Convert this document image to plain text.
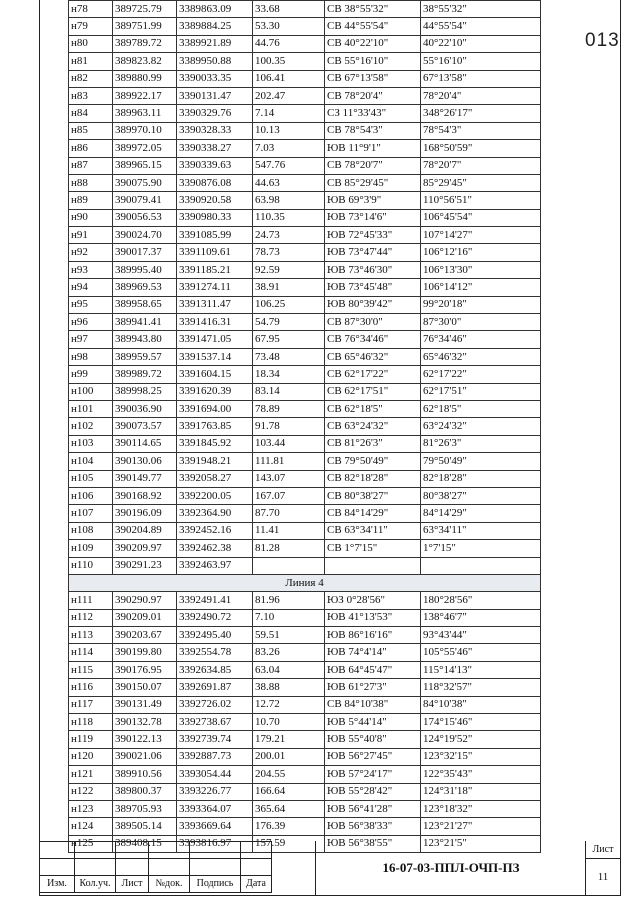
013
н78	389725.79	3389863.09	33.68	СВ 38°55'32"	38°55'32"
н79	389751.99	3389884.25	53.30	СВ 44°55'54"	44°55'54"
н80	389789.72	3389921.89	44.76	СВ 40°22'10"	40°22'10"
н81	389823.82	3389950.88	100.35	СВ 55°16'10"	55°16'10"
н82	389880.99	3390033.35	106.41	СВ 67°13'58"	67°13'58"
н83	389922.17	3390131.47	202.47	СВ 78°20'4"	78°20'4"
н84	389963.11	3390329.76	7.14	СЗ 11°33'43"	348°26'17"
н85	389970.10	3390328.33	10.13	СВ 78°54'3"	78°54'3"
н86	389972.05	3390338.27	7.03	ЮВ 11°9'1"	168°50'59"
н87	389965.15	3390339.63	547.76	СВ 78°20'7"	78°20'7"
н88	390075.90	3390876.08	44.63	СВ 85°29'45"	85°29'45"
н89	390079.41	3390920.58	63.98	ЮВ 69°3'9"	110°56'51"
н90	390056.53	3390980.33	110.35	ЮВ 73°14'6"	106°45'54"
н91	390024.70	3391085.99	24.73	ЮВ 72°45'33"	107°14'27"
н92	390017.37	3391109.61	78.73	ЮВ 73°47'44"	106°12'16"
н93	389995.40	3391185.21	92.59	ЮВ 73°46'30"	106°13'30"
н94	389969.53	3391274.11	38.91	ЮВ 73°45'48"	106°14'12"
н95	389958.65	3391311.47	106.25	ЮВ 80°39'42"	99°20'18"
н96	389941.41	3391416.31	54.79	СВ 87°30'0"	87°30'0"
н97	389943.80	3391471.05	67.95	СВ 76°34'46"	76°34'46"
н98	389959.57	3391537.14	73.48	СВ 65°46'32"	65°46'32"
н99	389989.72	3391604.15	18.34	СВ 62°17'22"	62°17'22"
н100	389998.25	3391620.39	83.14	СВ 62°17'51"	62°17'51"
н101	390036.90	3391694.00	78.89	СВ 62°18'5"	62°18'5"
н102	390073.57	3391763.85	91.78	СВ 63°24'32"	63°24'32"
н103	390114.65	3391845.92	103.44	СВ 81°26'3"	81°26'3"
н104	390130.06	3391948.21	111.81	СВ 79°50'49"	79°50'49"
н105	390149.77	3392058.27	143.07	СВ 82°18'28"	82°18'28"
н106	390168.92	3392200.05	167.07	СВ 80°38'27"	80°38'27"
н107	390196.09	3392364.90	87.70	СВ 84°14'29"	84°14'29"
н108	390204.89	3392452.16	11.41	СВ 63°34'11"	63°34'11"
н109	390209.97	3392462.38	81.28	СВ 1°7'15"	1°7'15"
н110	390291.23	3392463.97			
Линия 4					
н111	390290.97	3392491.41	81.96	ЮЗ 0°28'56"	180°28'56"
н112	390209.01	3392490.72	7.10	ЮВ 41°13'53"	138°46'7"
н113	390203.67	3392495.40	59.51	ЮВ 86°16'16"	93°43'44"
н114	390199.80	3392554.78	83.26	ЮВ 74°4'14"	105°55'46"
н115	390176.95	3392634.85	63.04	ЮВ 64°45'47"	115°14'13"
н116	390150.07	3392691.87	38.88	ЮВ 61°27'3"	118°32'57"
н117	390131.49	3392726.02	12.72	СВ 84°10'38"	84°10'38"
н118	390132.78	3392738.67	10.70	ЮВ 5°44'14"	174°15'46"
н119	390122.13	3392739.74	179.21	ЮВ 55°40'8"	124°19'52"
н120	390021.06	3392887.73	200.01	ЮВ 56°27'45"	123°32'15"
н121	389910.56	3393054.44	204.55	ЮВ 57°24'17"	122°35'43"
н122	389800.37	3393226.77	166.64	ЮВ 55°28'42"	124°31'18"
н123	389705.93	3393364.07	365.64	ЮВ 56°41'28"	123°18'32"
н124	389505.14	3393669.64	176.39	ЮВ 56°38'33"	123°21'27"
н125	389408.15	3393816.97	157.59	ЮВ 56°38'55"	123°21'5"

Изм.	Кол.уч.	Лист	№док.	Подпись	Дата
16-07-03-ППЛ-ОЧП-ПЗ
Лист
11
